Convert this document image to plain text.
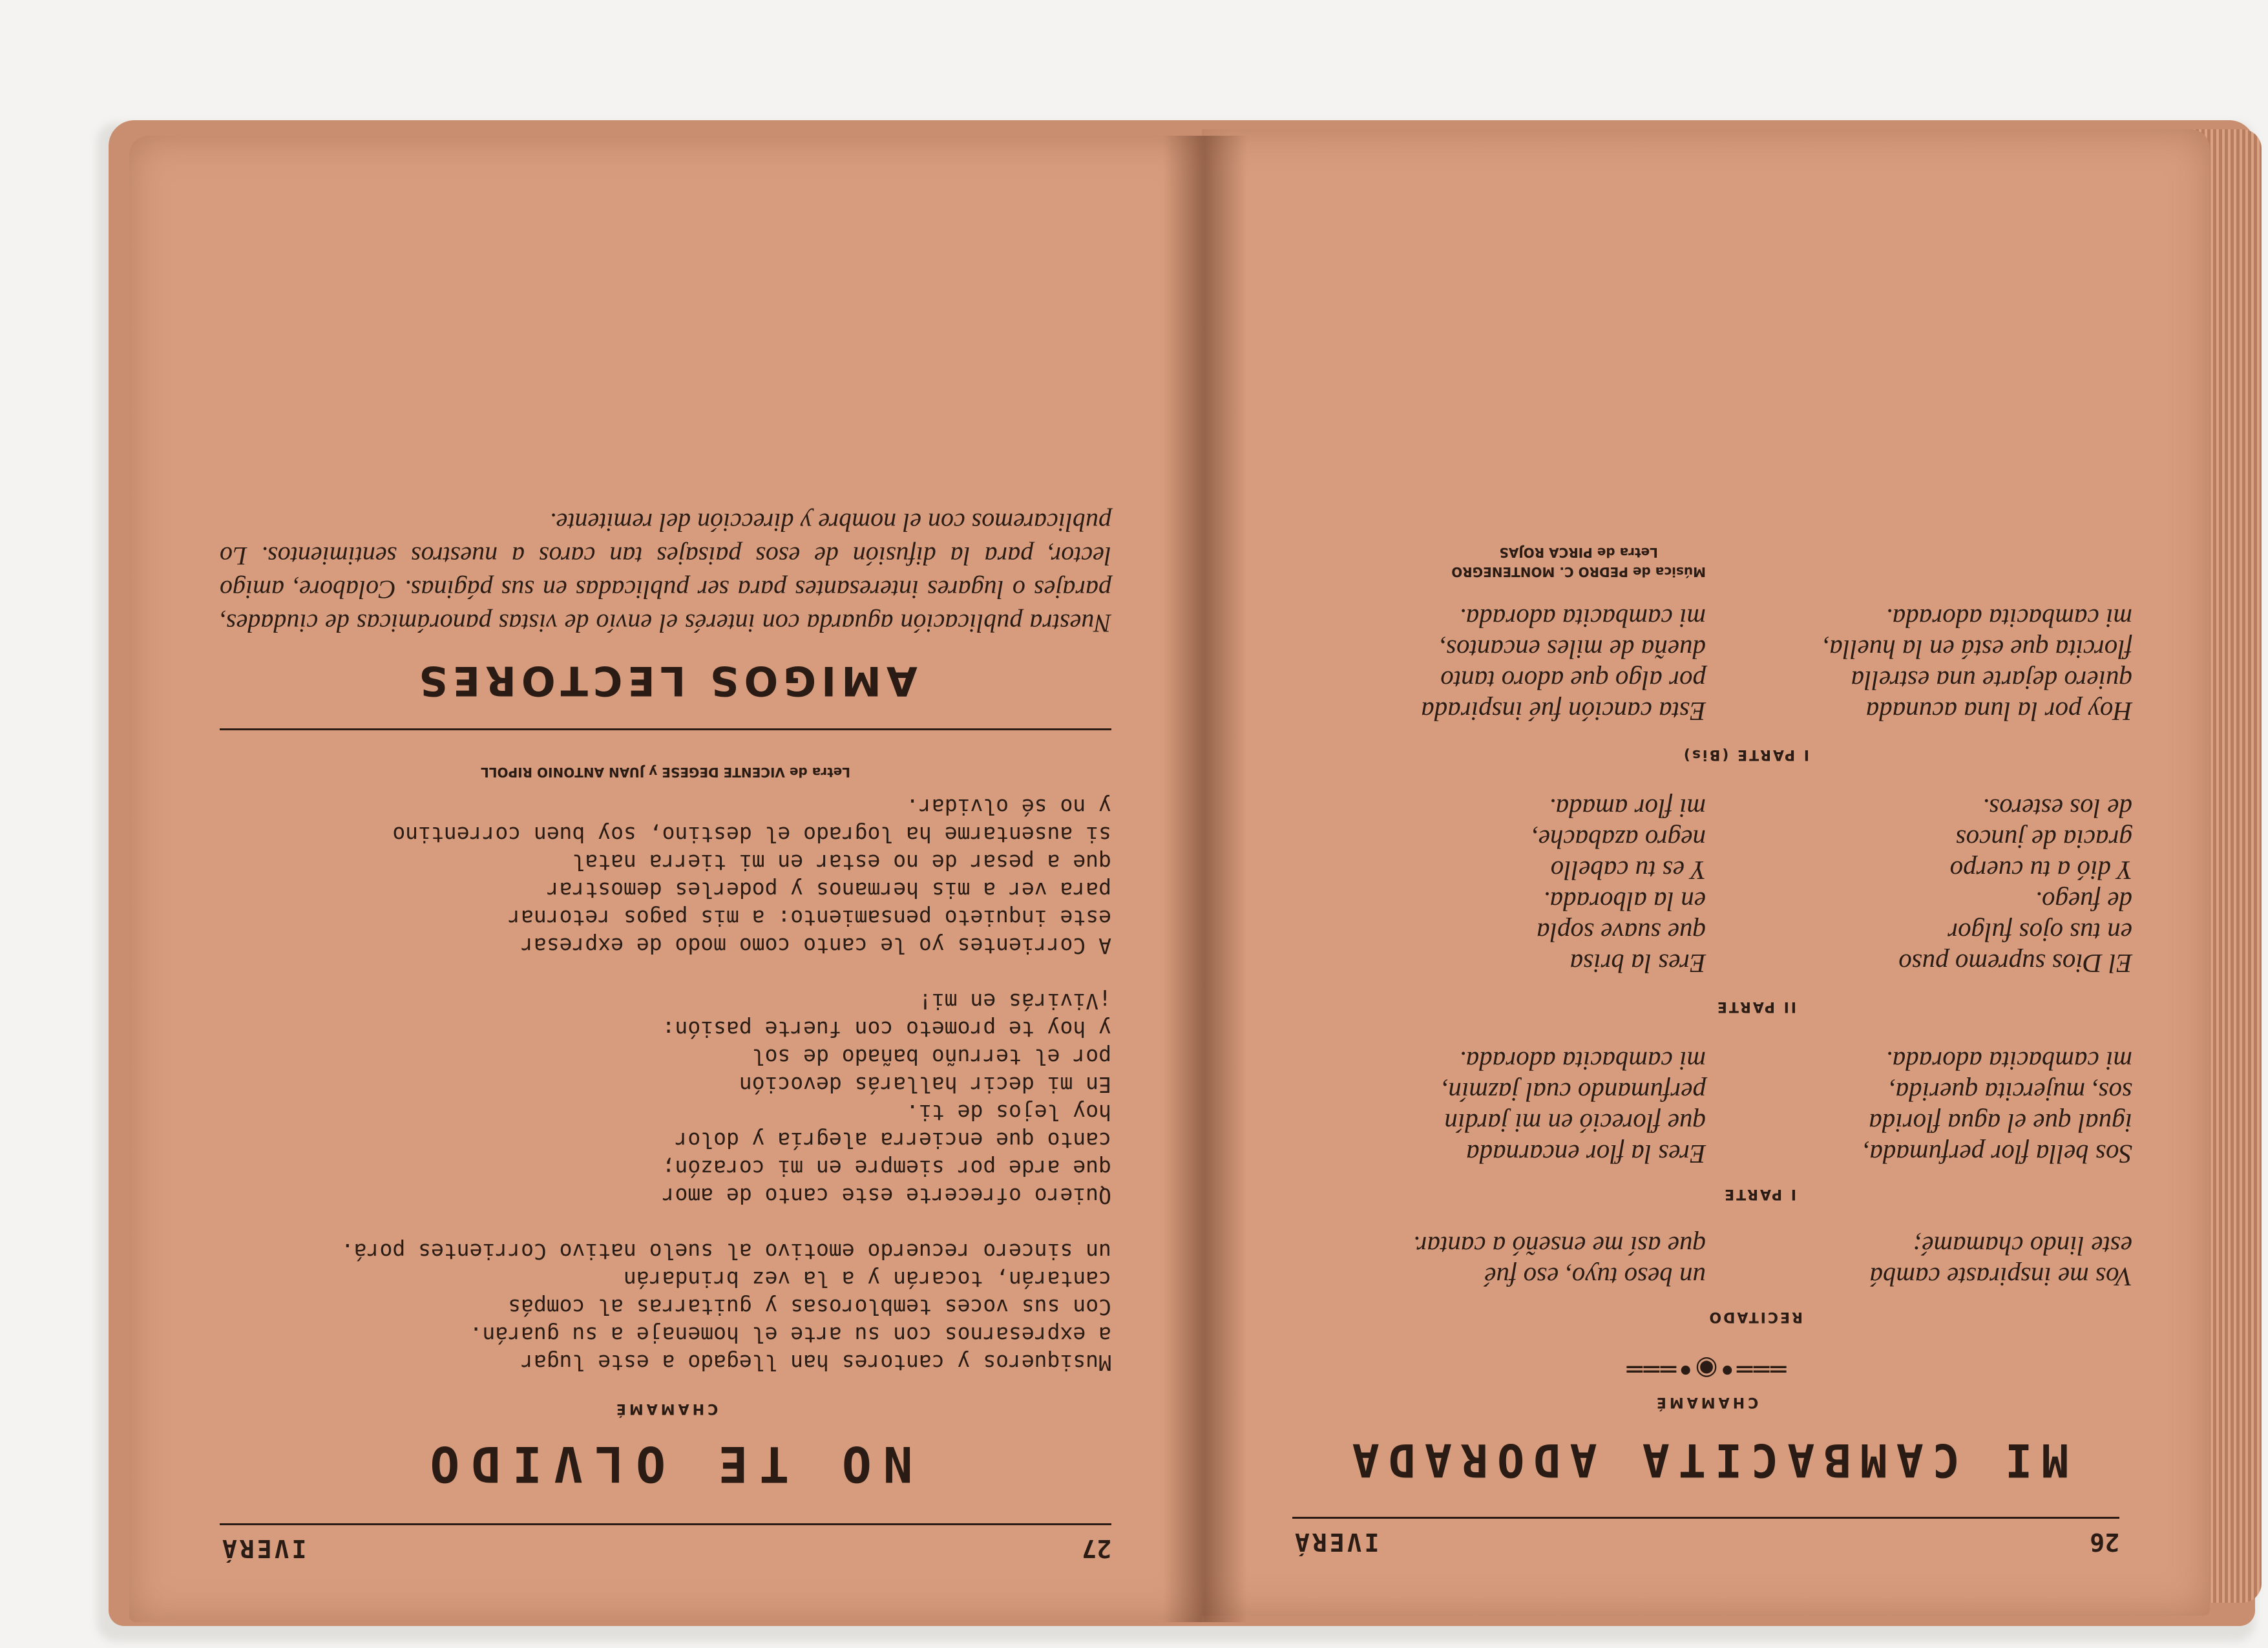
IVERÁ	27
NO TE OLVIDO
CHAMAMÉ
Musiqueros y cantores han llegado a este lugar
a expresarnos con su arte el homenaje a su guarán.
Con sus voces temblorosas y guitarras al compás
cantarán, tocarán y a la vez brindarán
un sincero recuerdo emotivo al suelo nativo Corrientes porá.

Quiero ofrecerte este canto de amor
que arde por siempre en mi corazón;
canto que encierra alegría y dolor
hoy lejos de ti.
En mi decir hallarás devoción
por el terruño bañado de sol
y hoy te prometo con fuerte pasión:
¡Vivirás en mi!

A Corrientes yo le canto como modo de expresar
este inquieto pensamiento: a mis pagos retornar
para ver a mis hermanos y poderles demostrar
que a pesar de no estar en mi tierra natal
si ausentarme ha logrado el destino, soy buen correntino
y no sé olvidar.
Letra de VICENTE DEGESE y JUAN ANTONIO RIPOLL
AMIGOS LECTORES
Nuestra publicación aguarda con interés el envío de vistas panorámicas de ciudades, parajes o lugares interesantes para ser publicadas en sus páginas. Colabore, amigo lector, para la difusión de esos paisajes tan caros a nuestros sentimientos. Lo publicaremos con el nombre y dirección del remitente.
IVERÁ	26
MI CAMBACITA ADORADA
CHAMAMÉ
═══•◉•═══
RECITADO
Vos me inspiraste cambá
este lindo chamamé;
un beso tuyo, eso fué
que así me enseñó a cantar.
I PARTE
Sos bella flor perfumada,
igual que el agua florida
sos, mujercita querida,
mi cambacita adorada.
Eres la flor encarnada
que floreció en mi jardín
perfumando cual jazmín,
mi cambacita adorada.
II PARTE
El Dios supremo puso
en tus ojos fulgor
de fuego.
Y dió a tu cuerpo
gracia de juncos
de los esteros.
Eres la brisa
que suave sopla
en la alborada.
Y es tu cabello
negro azabache,
mi flor amada.
I PARTE (Bis)
Hoy por la luna acunada
quiero dejarte una estrella
florcita que está en la huella,
mi cambacita adorada.
Esta canción fué inspirada
por algo que adoro tanto
dueña de miles encantos,
mi cambacita adorada.
Música de PEDRO C. MONTENEGRO
Letra de PIRCA ROJAS
